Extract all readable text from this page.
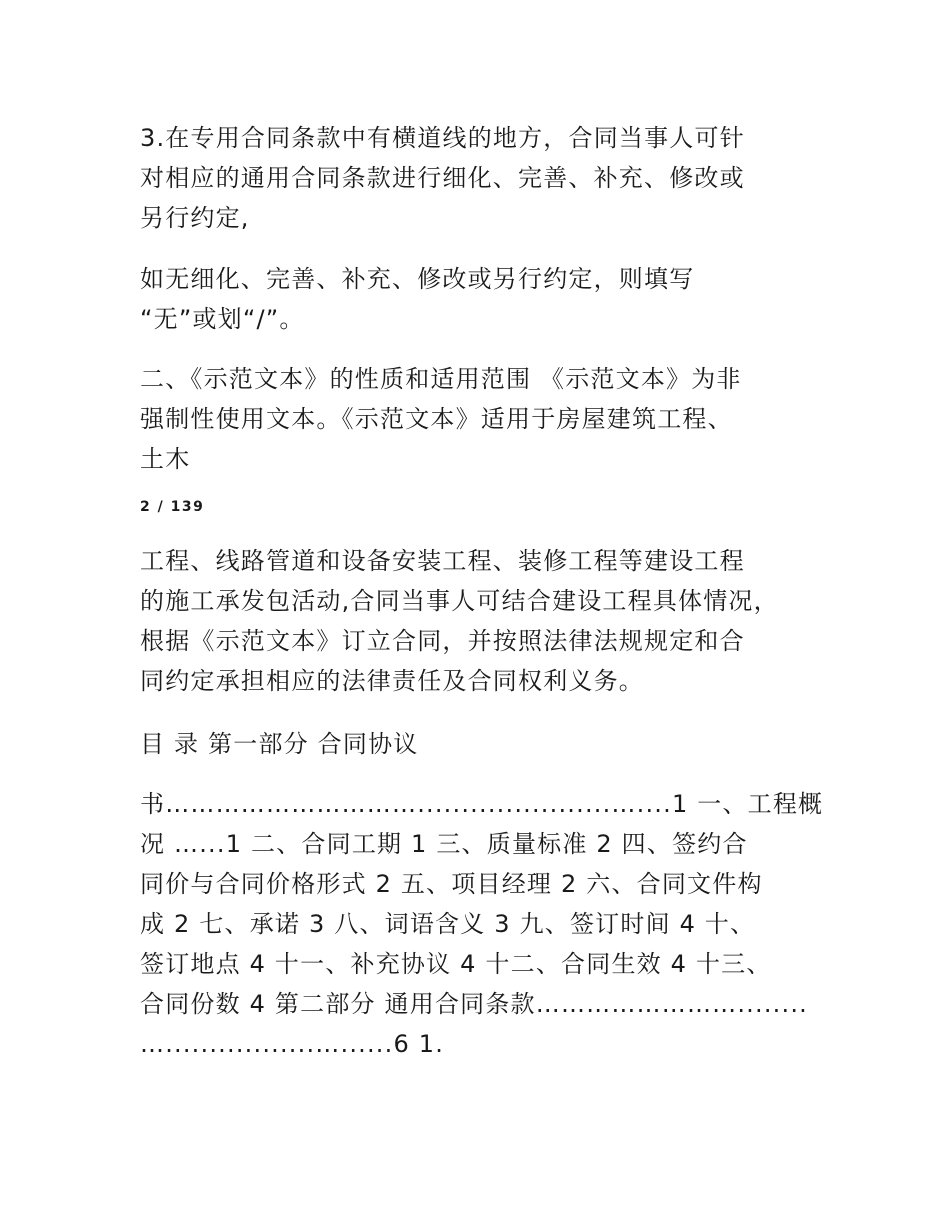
3.在专用合同条款中有横道线的地方，合同当事人可针
对相应的通用合同条款进行细化、完善、补充、修改或
另行约定,

如无细化、完善、补充、修改或另行约定，则填写
“无”或划“/”。

二、《示范文本》的性质和适用范围 《示范文本》为非
强制性使用文本。《示范文本》适用于房屋建筑工程、
土木

2 / 139

工程、线路管道和设备安装工程、装修工程等建设工程
的施工承发包活动,合同当事人可结合建设工程具体情况，
根据《示范文本》订立合同，并按照法律法规规定和合
同约定承担相应的法律责任及合同权利义务。

目 录 第一部分 合同协议

书…………………………......................…....1 一、工程概
况 …...1 二、合同工期 1 三、质量标准 2 四、签约合
同价与合同价格形式 2 五、项目经理 2 六、合同文件构
成 2 七、承诺 3 八、词语含义 3 九、签订时间 4 十、
签订地点 4 十一、补充协议 4 十二、合同生效 4 十三、
合同份数 4 第二部分 通用合同条款……………………........
….................…......6 1.
